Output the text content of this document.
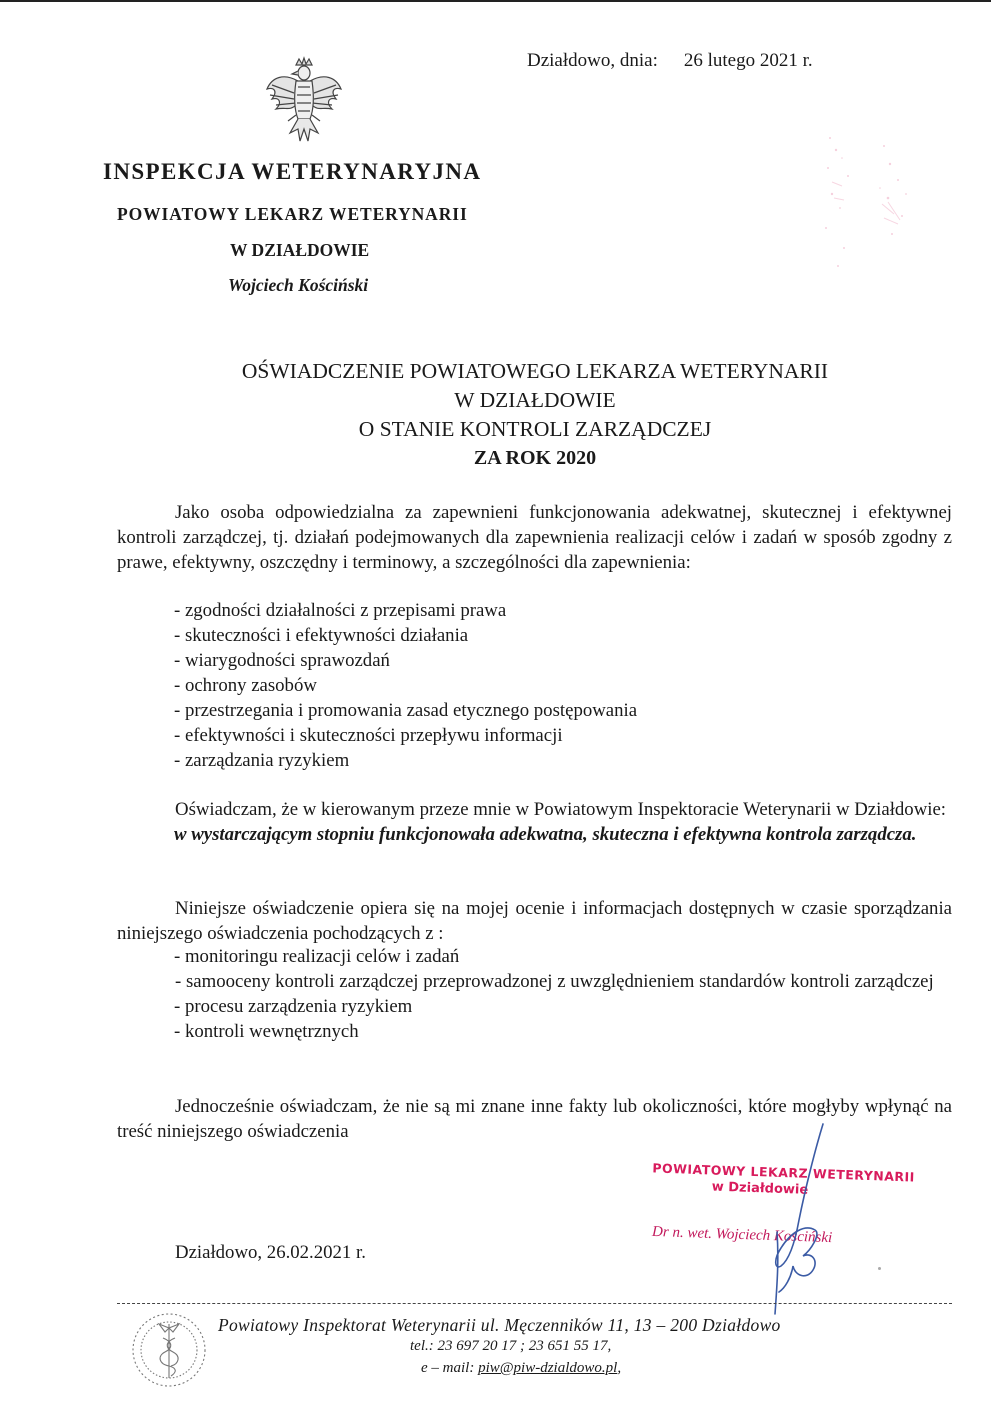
Działdowo, dnia: 26 lutego 2021 r.
INSPEKCJA WETERYNARYJNA
POWIATOWY LEKARZ WETERYNARII
W DZIAŁDOWIE
Wojciech Kościński
OŚWIADCZENIE POWIATOWEGO LEKARZA WETERYNARII
W DZIAŁDOWIE
O STANIE KONTROLI ZARZĄDCZEJ
ZA ROK 2020
Jako osoba odpowiedzialna za zapewnieni funkcjonowania adekwatnej, skutecznej i efektywnej kontroli zarządczej, tj. działań podejmowanych dla zapewnienia realizacji celów i zadań w sposób zgodny z prawe, efektywny, oszczędny i terminowy, a szczególności dla zapewnienia:
- zgodności działalności z przepisami prawa
- skuteczności i efektywności działania
- wiarygodności sprawozdań
- ochrony zasobów
- przestrzegania i promowania zasad etycznego postępowania
- efektywności i skuteczności przepływu informacji
- zarządzania ryzykiem
Oświadczam, że w kierowanym przeze mnie w Powiatowym Inspektoracie Weterynarii w Działdowie:
w wystarczającym stopniu funkcjonowała adekwatna, skuteczna i efektywna kontrola zarządcza.
Niniejsze oświadczenie opiera się na mojej ocenie i informacjach dostępnych w czasie sporządzania niniejszego oświadczenia pochodzących z :
- monitoringu realizacji celów i zadań
- samooceny kontroli zarządczej przeprowadzonej z uwzględnieniem standardów kontroli zarządczej
- procesu zarządzenia ryzykiem
- kontroli wewnętrznych
Jednocześnie oświadczam, że nie są mi znane inne fakty lub okoliczności, które mogłyby wpłynąć na treść niniejszego oświadczenia
Działdowo, 26.02.2021 r.
POWIATOWY LEKARZ WETERYNARII
w Działdowie
Dr n. wet. Wojciech Kościński
Powiatowy Inspektorat Weterynarii ul. Męczenników 11, 13 – 200 Działdowo
tel.: 23 697 20 17 ; 23 651 55 17,
e – mail: piw@piw-dzialdowo.pl,
